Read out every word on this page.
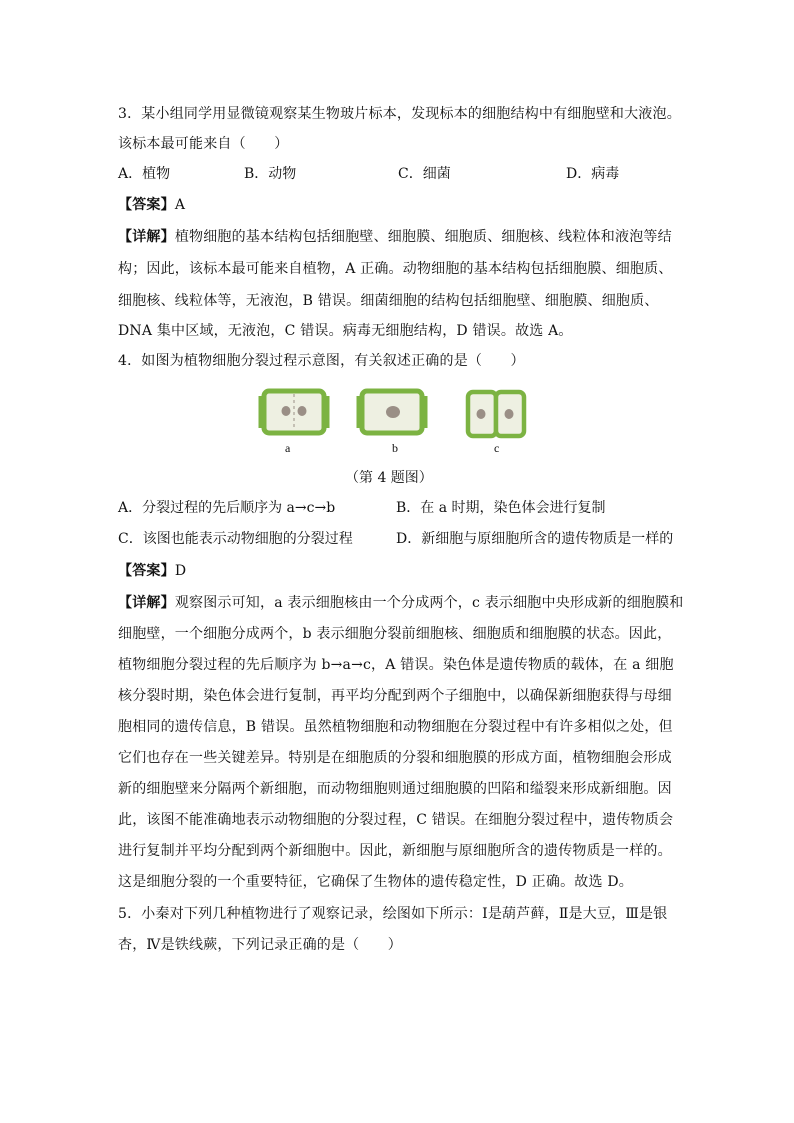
3．某小组同学用显微镜观察某生物玻片标本，发现标本的细胞结构中有细胞壁和大液泡。
该标本最可能来自（　　）
A．植物	B．动物	C．细菌	D．病毒
【答案】A
【详解】植物细胞的基本结构包括细胞壁、细胞膜、细胞质、细胞核、线粒体和液泡等结
构；因此，该标本最可能来自植物，A 正确。动物细胞的基本结构包括细胞膜、细胞质、
细胞核、线粒体等，无液泡，B 错误。细菌细胞的结构包括细胞壁、细胞膜、细胞质、
DNA 集中区域，无液泡，C 错误。病毒无细胞结构，D 错误。故选 A。
4．如图为植物细胞分裂过程示意图，有关叙述正确的是（　　）
a	b	c
（第 4 题图）
A．分裂过程的先后顺序为 a→c→b	B．在 a 时期，染色体会进行复制
C．该图也能表示动物细胞的分裂过程	D．新细胞与原细胞所含的遗传物质是一样的
【答案】D
【详解】观察图示可知，a 表示细胞核由一个分成两个，c 表示细胞中央形成新的细胞膜和
细胞壁，一个细胞分成两个，b 表示细胞分裂前细胞核、细胞质和细胞膜的状态。因此，
植物细胞分裂过程的先后顺序为 b→a→c，A 错误。染色体是遗传物质的载体，在 a 细胞
核分裂时期，染色体会进行复制，再平均分配到两个子细胞中，以确保新细胞获得与母细
胞相同的遗传信息，B 错误。虽然植物细胞和动物细胞在分裂过程中有许多相似之处，但
它们也存在一些关键差异。特别是在细胞质的分裂和细胞膜的形成方面，植物细胞会形成
新的细胞壁来分隔两个新细胞，而动物细胞则通过细胞膜的凹陷和缢裂来形成新细胞。因
此，该图不能准确地表示动物细胞的分裂过程，C 错误。在细胞分裂过程中，遗传物质会
进行复制并平均分配到两个新细胞中。因此，新细胞与原细胞所含的遗传物质是一样的。
这是细胞分裂的一个重要特征，它确保了生物体的遗传稳定性，D 正确。故选 D。
5．小秦对下列几种植物进行了观察记录，绘图如下所示：Ⅰ是葫芦藓，Ⅱ是大豆，Ⅲ是银
杏，Ⅳ是铁线蕨，下列记录正确的是（　　）
